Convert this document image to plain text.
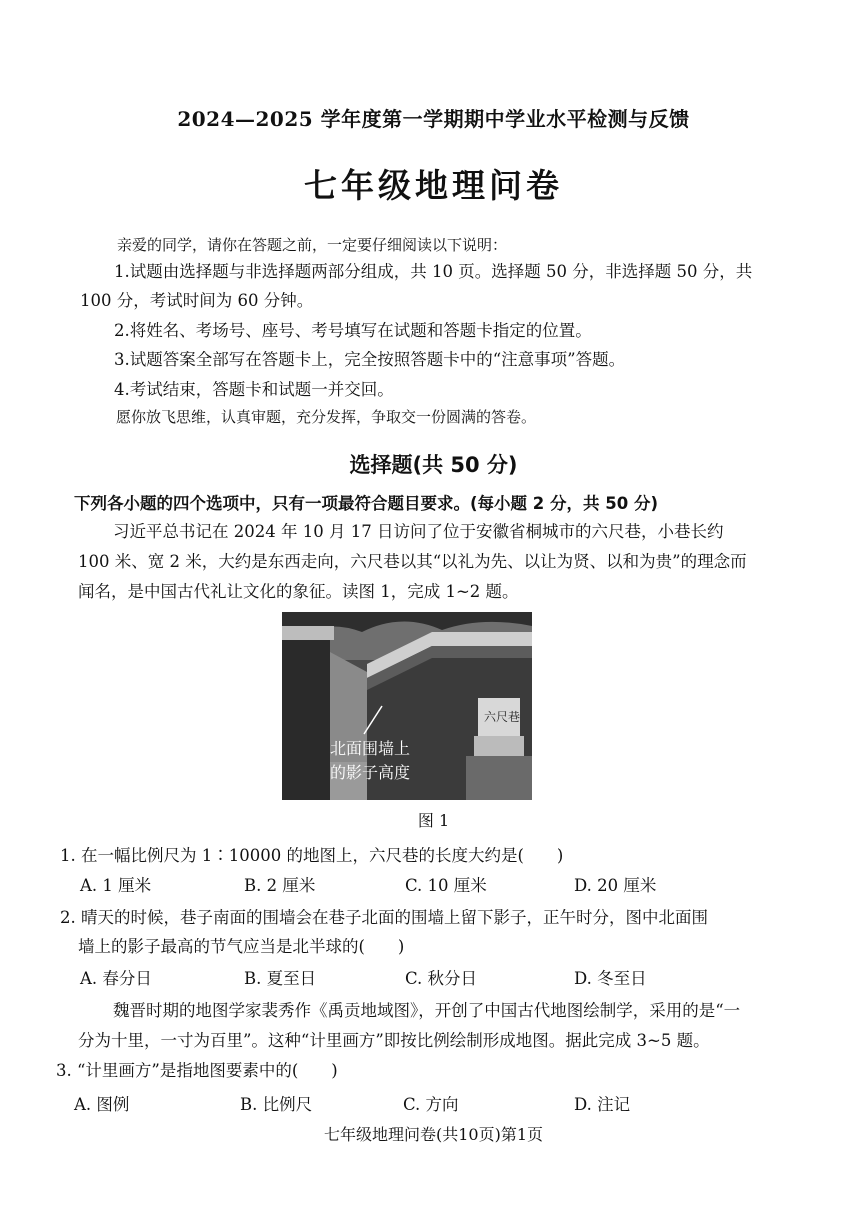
2024—2025 学年度第一学期期中学业水平检测与反馈
七年级地理问卷
亲爱的同学，请你在答题之前，一定要仔细阅读以下说明：
1.试题由选择题与非选择题两部分组成，共 10 页。选择题 50 分，非选择题 50 分，共
100 分，考试时间为 60 分钟。
2.将姓名、考场号、座号、考号填写在试题和答题卡指定的位置。
3.试题答案全部写在答题卡上，完全按照答题卡中的“注意事项”答题。
4.考试结束，答题卡和试题一并交回。
愿你放飞思维，认真审题，充分发挥，争取交一份圆满的答卷。
选择题(共 50 分)
下列各小题的四个选项中，只有一项最符合题目要求。(每小题 2 分，共 50 分)
习近平总书记在 2024 年 10 月 17 日访问了位于安徽省桐城市的六尺巷，小巷长约
100 米、宽 2 米，大约是东西走向，六尺巷以其“以礼为先、以让为贤、以和为贵”的理念而
闻名，是中国古代礼让文化的象征。读图 1，完成 1~2 题。
六尺巷
北面围墙上
的影子高度
图 1
1. 在一幅比例尺为 1∶10000 的地图上，六尺巷的长度大约是(　　)
A. 1 厘米	B. 2 厘米	C. 10 厘米	D. 20 厘米
2. 晴天的时候，巷子南面的围墙会在巷子北面的围墙上留下影子，正午时分，图中北面围
墙上的影子最高的节气应当是北半球的(　　)
A. 春分日	B. 夏至日	C. 秋分日	D. 冬至日
魏晋时期的地图学家裴秀作《禹贡地域图》，开创了中国古代地图绘制学，采用的是“一
分为十里，一寸为百里”。这种“计里画方”即按比例绘制形成地图。据此完成 3~5 题。
3. “计里画方”是指地图要素中的(　　)
A. 图例	B. 比例尺	C. 方向	D. 注记
七年级地理问卷(共10页)第1页
